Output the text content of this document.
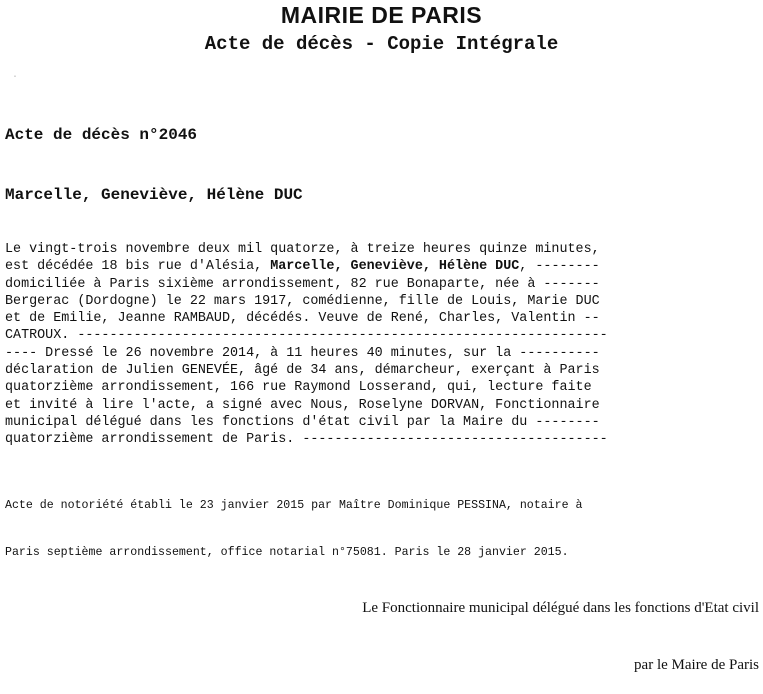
·
MAIRIE DE PARIS
Acte de décès - Copie Intégrale
Acte de décès n°2046
Marcelle, Geneviève, Hélène DUC
Le vingt-trois novembre deux mil quatorze, à treize heures quinze minutes,
est décédée 18 bis rue d'Alésia, Marcelle, Geneviève, Hélène DUC, --------
domiciliée à Paris sixième arrondissement, 82 rue Bonaparte, née à -------
Bergerac (Dordogne) le 22 mars 1917, comédienne, fille de Louis, Marie DUC
et de Emilie, Jeanne RAMBAUD, décédés. Veuve de René, Charles, Valentin --
CATROUX. ------------------------------------------------------------------
---- Dressé le 26 novembre 2014, à 11 heures 40 minutes, sur la ----------
déclaration de Julien GENEVÉE, âgé de 34 ans, démarcheur, exerçant à Paris
quatorzième arrondissement, 166 rue Raymond Losserand, qui, lecture faite
et invité à lire l'acte, a signé avec Nous, Roselyne DORVAN, Fonctionnaire
municipal délégué dans les fonctions d'état civil par la Maire du --------
quatorzième arrondissement de Paris. --------------------------------------

Acte de notoriété établi le 23 janvier 2015 par Maître Dominique PESSINA, notaire à

Paris septième arrondissement, office notarial n°75081. Paris le 28 janvier 2015.

Le Fonctionnaire municipal délégué dans les fonctions d'Etat civil

par le Maire de Paris
